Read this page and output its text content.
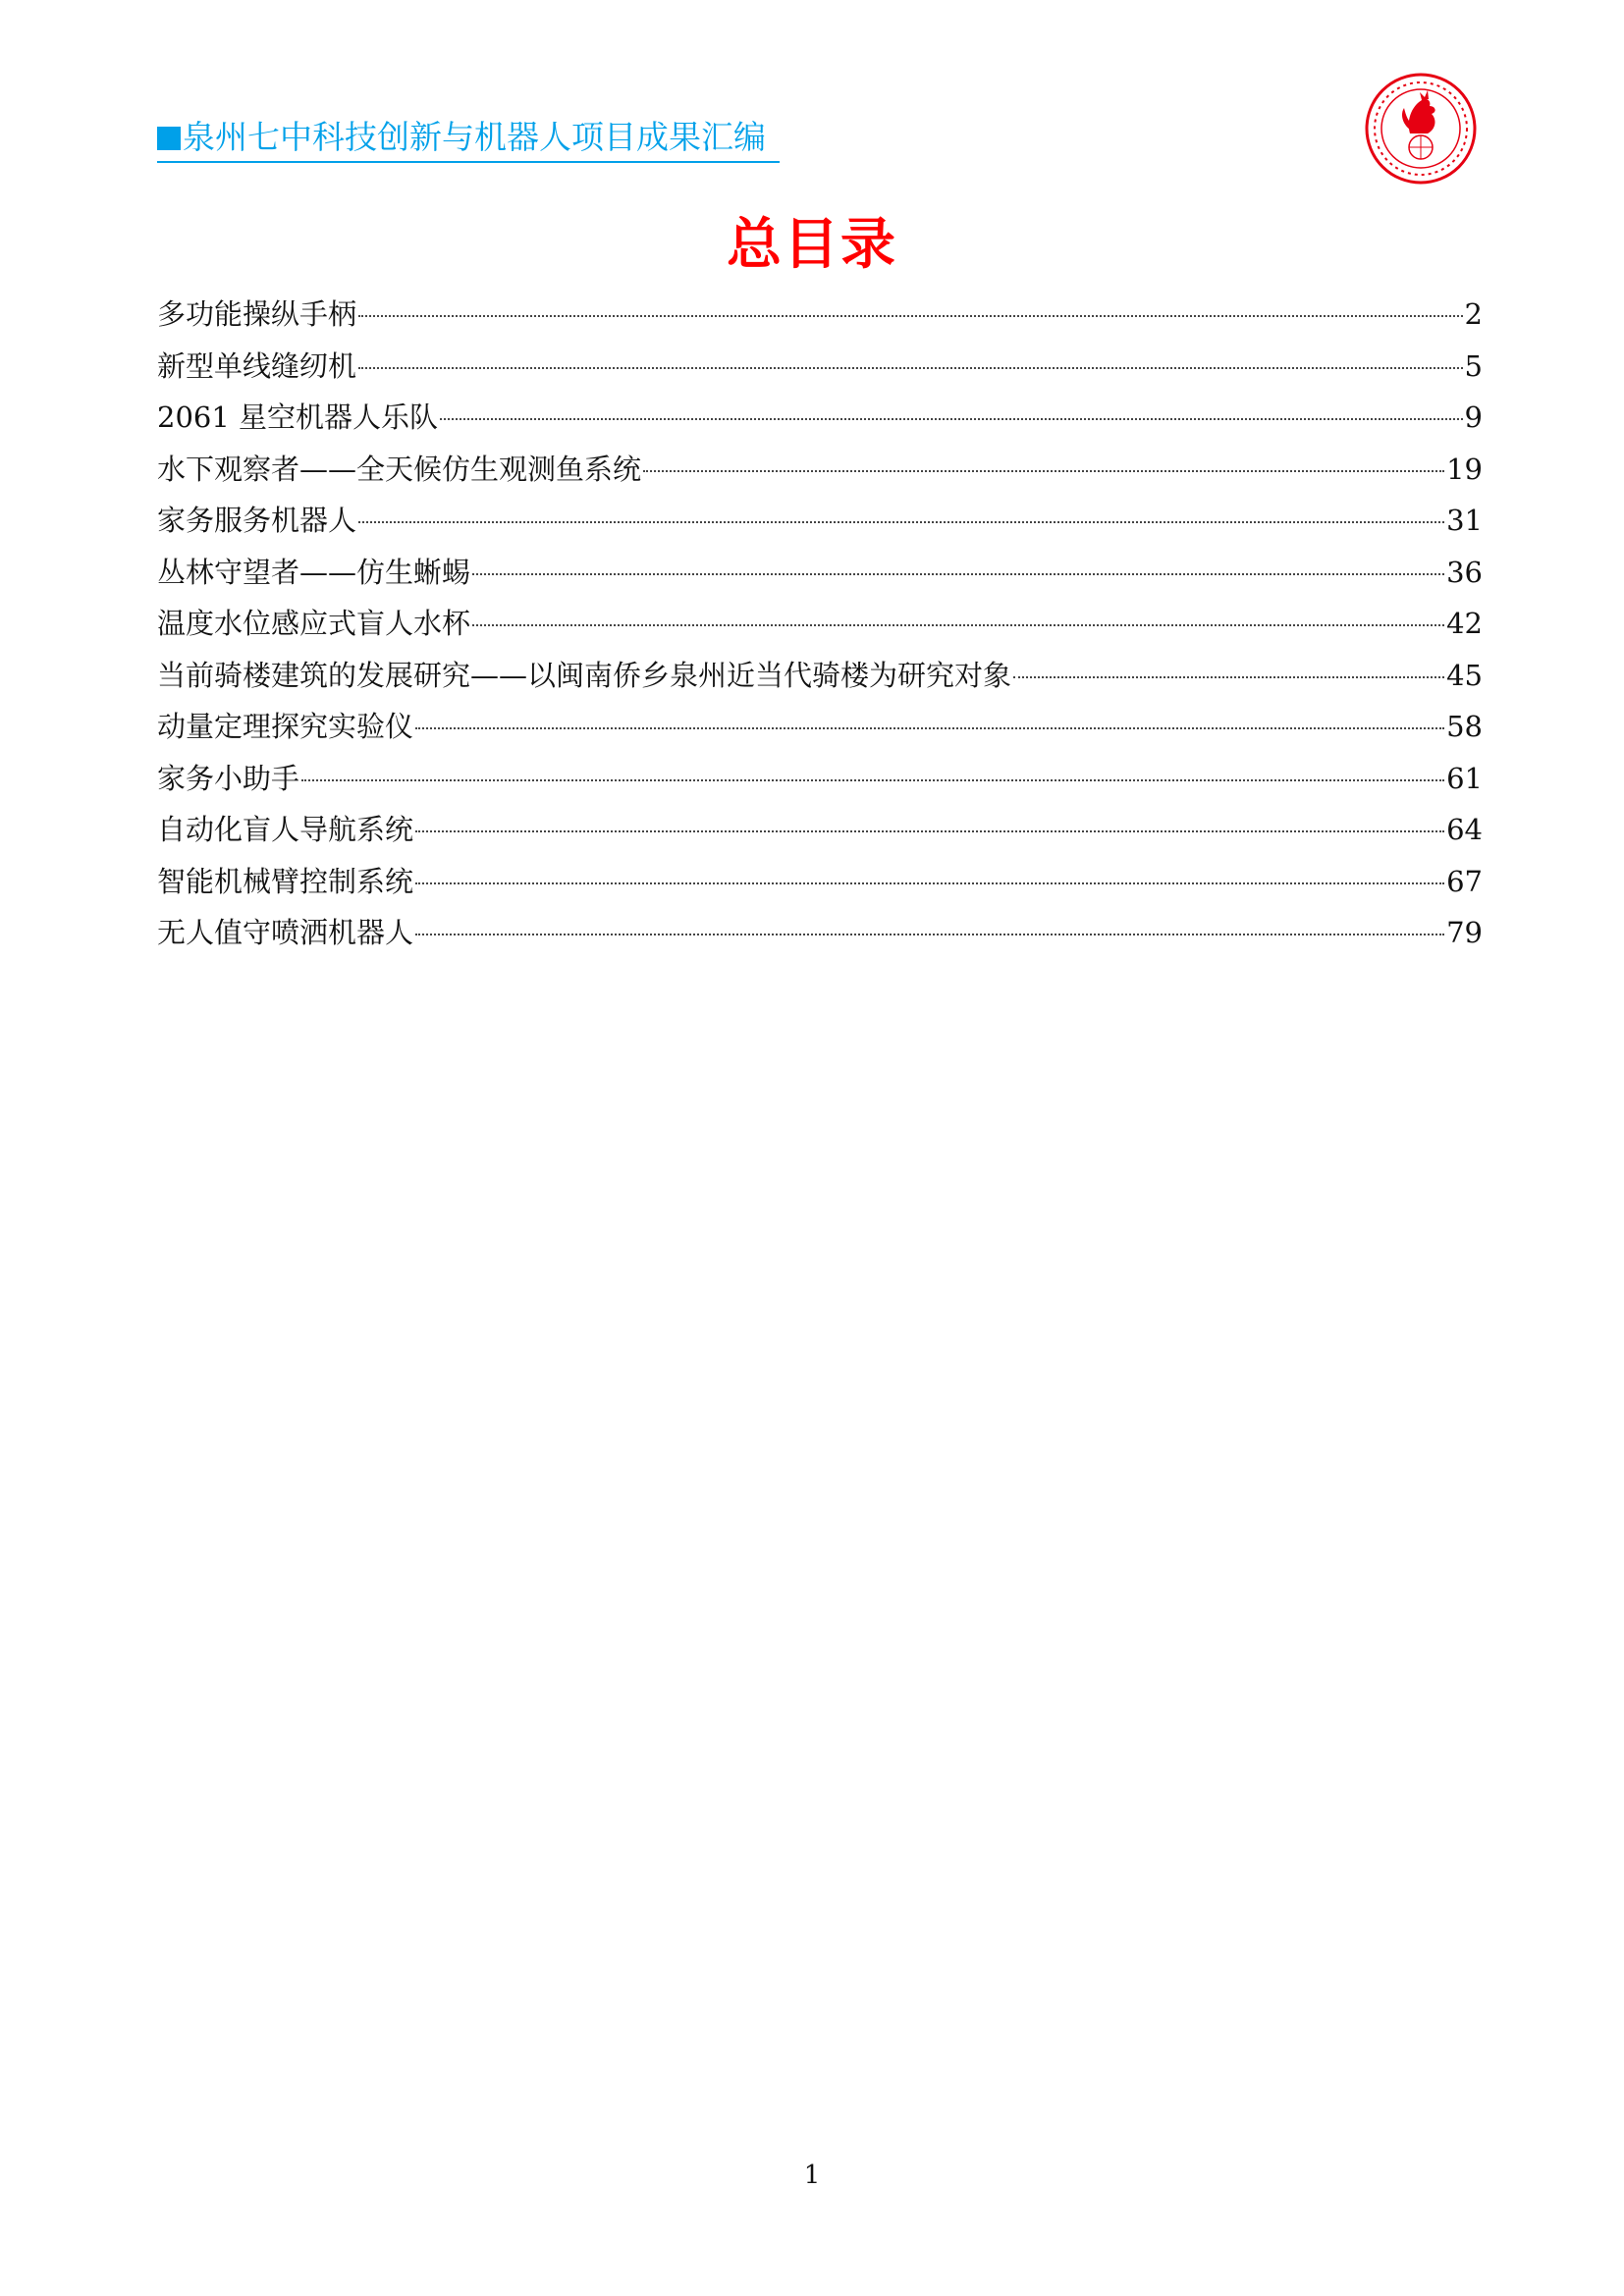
泉州七中科技创新与机器人项目成果汇编
总目录
多功能操纵手柄	2
新型单线缝纫机	5
2061 星空机器人乐队	9
水下观察者——全天候仿生观测鱼系统	19
家务服务机器人	31
丛林守望者——仿生蜥蜴	36
温度水位感应式盲人水杯	42
当前骑楼建筑的发展研究——以闽南侨乡泉州近当代骑楼为研究对象	45
动量定理探究实验仪	58
家务小助手	61
自动化盲人导航系统	64
智能机械臂控制系统	67
无人值守喷洒机器人	79
1
